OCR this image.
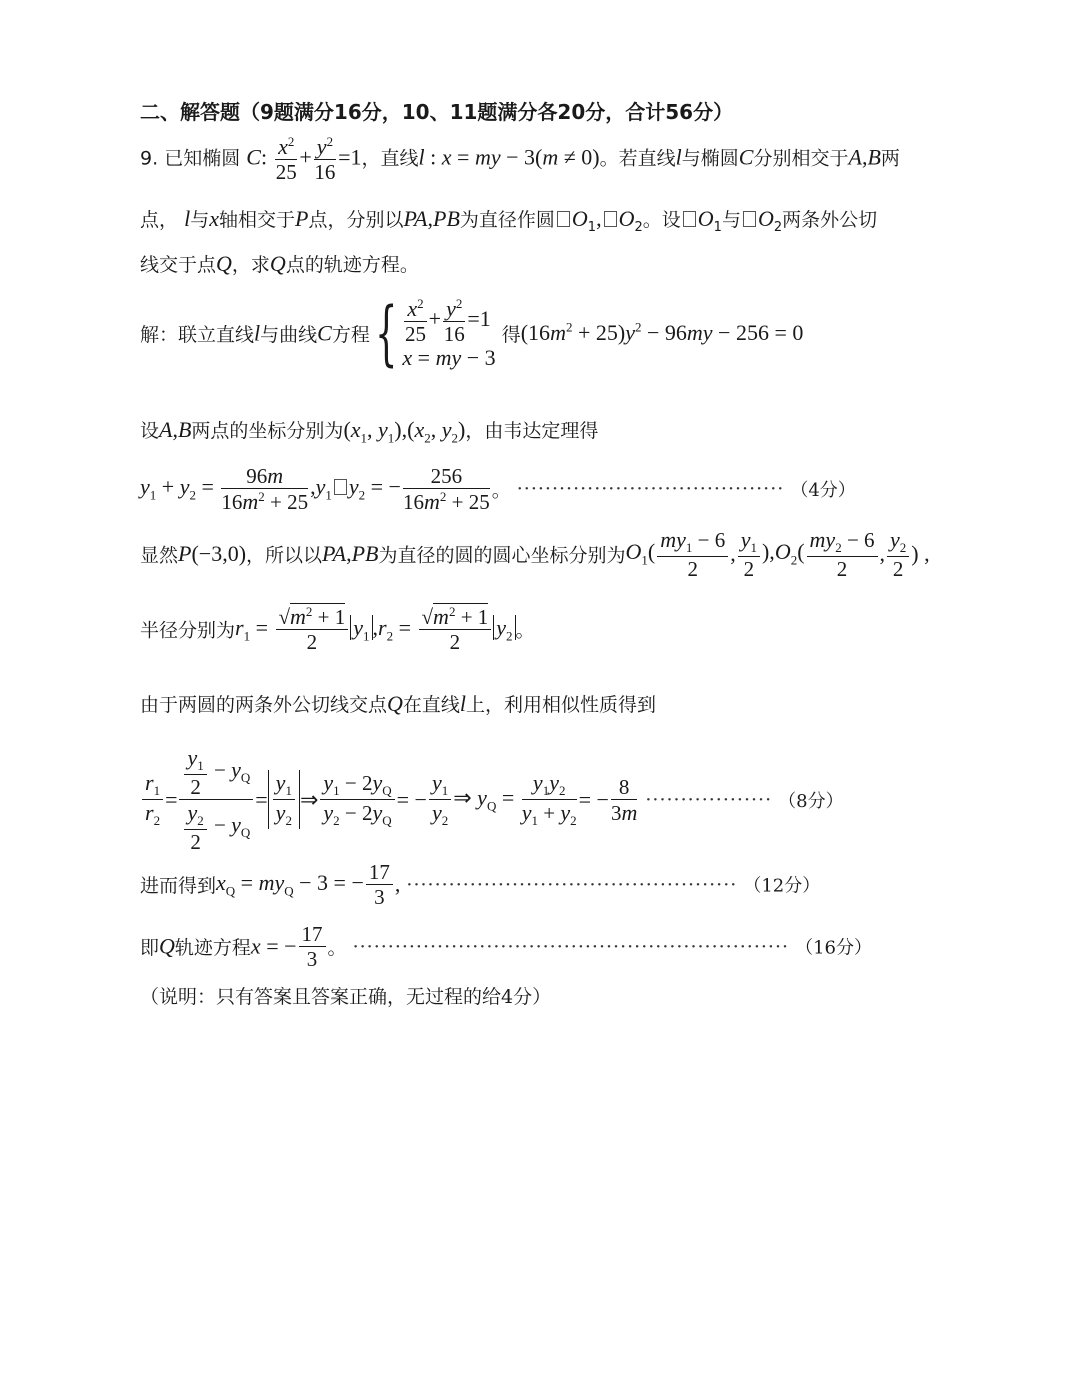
二、解答题（9题满分16分，10、11题满分各20分，合计56分）
9. 已知椭圆 C: $\frac{x^2}{25} + \frac{y^2}{16} =1$，直线l : x = my − 3(m ≠ 0)。若直线l与椭圆C分别相交于A,B两
点， l与x轴相交于P点，分别以PA,PB为直径作圆 $O_1$, $O_2$。设 $O_1$与 $O_2$两条外公切
线交于点Q，求Q点的轨迹方程。
解：联立直线l与曲线C方程{ $\frac{x^2}{25} + \frac{y^2}{16} =1$
x = my − 3
得$(16m^2 + 25)y^2 - 96my - 256 = 0$
设A,B两点的坐标分别为($x_1$, $y_1),(x_2$, $y_2$)，由韦达定理得
$y_1 + y_2 = \frac{96m}{16m^2 + 25} ,y_1$ $y_2$ = − $\frac{256}{16m^2 + 25}$ 。 ······································ （4分）
显然P(−3,0)，所以以PA,PB为直径的圆的圆心坐标分别为$O_1( \frac{my_1 - 6}{2}$ , $\frac{y_1}{2} ),O_2( \frac{my_2 - 6}{2}$ , $\frac{y_2}{2}$ ) ,
半径分别为$r_1 = \frac{√m^2 + 1}{2} y_1$ $,r_2 = \frac{√m^2 + 1}{2} y_2$ 。
由于两圆的两条外公切线交点Q在直线l上，利用相似性质得到
$\frac{r_1}{r_2} = \frac{\frac{y_1}{2} - y_Q}{\frac{y_2}{2} - y_Q} = \frac{y_1}{y_2}$ ⇒ $\frac{y_1 - 2y_Q}{y_2 - 2y_Q}$ = − $\frac{y_1}{y_2}$ ⇒ $y_Q = \frac{y_1y_2}{y_1 + y_2}$ = − $\frac{8}{3m}$ ·················· （8分）
进而得到$x_Q = my_Q - 3$ = − $\frac{17}{3}$ , ··············································· （12分）
即Q轨迹方程x = − $\frac{17}{3}$ 。 ······························································ （16分）
（说明：只有答案且答案正确，无过程的给4分）
